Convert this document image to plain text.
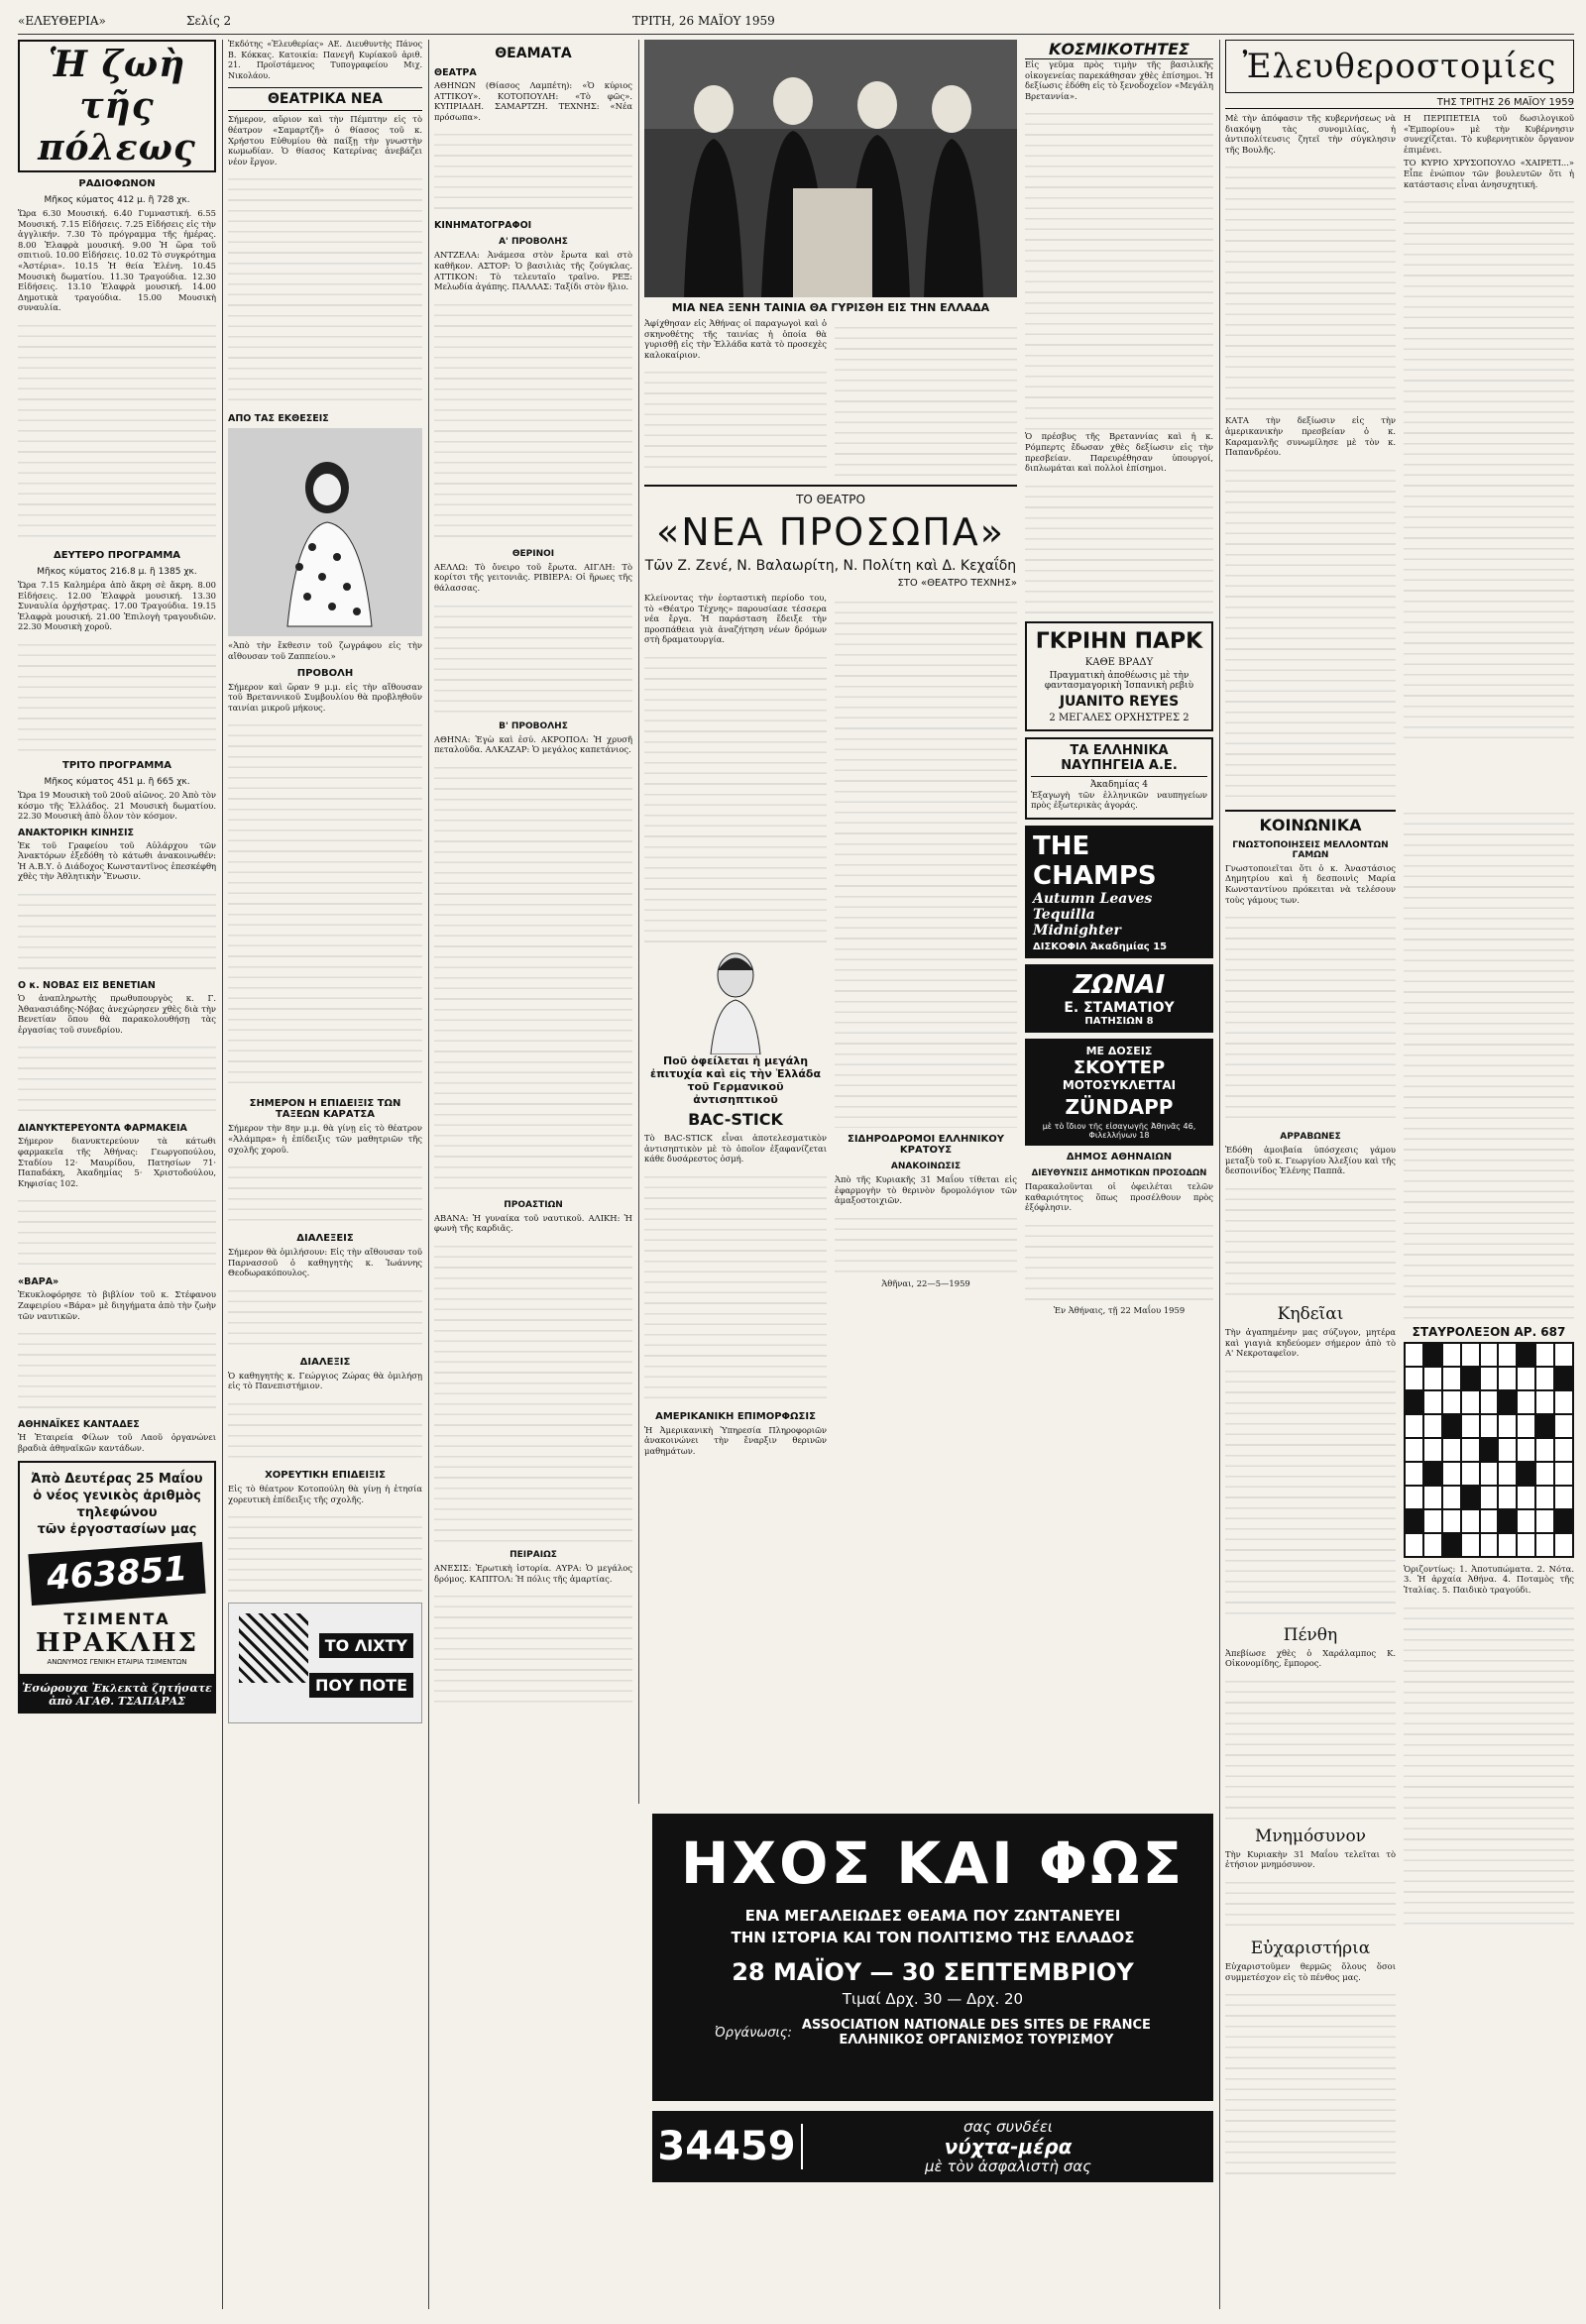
«ΕΛΕΥΘΕΡΙΑ»	Σελίς 2	ΤΡΙΤΗ, 26 ΜΑΪΟΥ 1959
Ἡ ζωὴ τῆς πόλεως
ΡΑΔΙΟΦΩΝΟΝ
Μῆκος κύματος 412 μ. ἢ 728 χκ.

Ὥρα 6.30 Μουσική. 6.40 Γυμναστική. 6.55 Μουσική. 7.15 Εἰδήσεις. 7.25 Εἰδήσεις εἰς τὴν ἀγγλικήν. 7.30 Τὸ πρόγραμμα τῆς ἡμέρας. 8.00 Ἐλαφρὰ μουσική. 9.00 Ἡ ὥρα τοῦ σπιτιοῦ. 10.00 Εἰδήσεις. 10.02 Τὸ συγκρότημα «Ἀστέρια». 10.15 Ἡ θεία Ἐλένη. 10.45 Μουσικὴ δωματίου. 11.30 Τραγούδια. 12.30 Εἰδήσεις. 13.10 Ἐλαφρὰ μουσική. 14.00 Δημοτικὰ τραγούδια. 15.00 Μουσικὴ συναυλία.

ΔΕΥΤΕΡΟ ΠΡΟΓΡΑΜΜΑ
Μῆκος κύματος 216.8 μ. ἢ 1385 χκ.

Ὥρα 7.15 Καλημέρα ἀπὸ ἄκρη σὲ ἄκρη. 8.00 Εἰδήσεις. 12.00 Ἐλαφρὰ μουσική. 13.30 Συναυλία ὀρχήστρας. 17.00 Τραγούδια. 19.15 Ἐλαφρὰ μουσική. 21.00 Ἐπιλογὴ τραγουδιῶν. 22.30 Μουσικὴ χοροῦ.

ΤΡΙΤΟ ΠΡΟΓΡΑΜΜΑ
Μῆκος κύματος 451 μ. ἢ 665 χκ.

Ὥρα 19 Μουσικὴ τοῦ 20οῦ αἰῶνος. 20 Ἀπὸ τὸν κόσμο τῆς Ἑλλάδος. 21 Μουσικὴ δωματίου. 22.30 Μουσικὴ ἀπὸ ὅλον τὸν κόσμον.

ΑΝΑΚΤΟΡΙΚΗ ΚΙΝΗΣΙΣ

Ἐκ τοῦ Γραφείου τοῦ Αὐλάρχου τῶν Ἀνακτόρων ἐξεδόθη τὸ κάτωθι ἀνακοινωθέν: Ἡ Α.Β.Υ. ὁ Διάδοχος Κωνσταντῖνος ἐπεσκέφθη χθὲς τὴν Ἀθλητικὴν Ἕνωσιν.

Ο κ. ΝΟΒΑΣ ΕΙΣ ΒΕΝΕΤΙΑΝ

Ὁ ἀναπληρωτὴς πρωθυπουργὸς κ. Γ. Ἀθανασιάδης-Νόβας ἀνεχώρησεν χθὲς διὰ τὴν Βενετίαν ὅπου θὰ παρακολουθήσῃ τὰς ἐργασίας τοῦ συνεδρίου.

ΔΙΑΝΥΚΤΕΡΕΥΟΝΤΑ ΦΑΡΜΑΚΕΙΑ

Σήμερον διανυκτερεύουν τὰ κάτωθι φαρμακεῖα τῆς Ἀθήνας: Γεωργοπούλου, Σταδίου 12· Μαυρίδου, Πατησίων 71· Παπαδάκη, Ἀκαδημίας 5· Χριστοδούλου, Κηφισίας 102.

«ΒΑΡΑ»

Ἐκυκλοφόρησε τὸ βιβλίον τοῦ κ. Στέφανου Ζαφειρίου «Βάρα» μὲ διηγήματα ἀπὸ τὴν ζωὴν τῶν ναυτικῶν.

ΑΘΗΝΑΪΚΕΣ ΚΑΝΤΑΔΕΣ

Ἡ Ἑταιρεία Φίλων τοῦ Λαοῦ ὀργανώνει βραδιὰ ἀθηναϊκῶν καντάδων.

Ἀπὸ Δευτέρας 25 Μαΐου
ὁ νέος γενικὸς ἀριθμὸς
τηλεφώνου
τῶν ἐργοστασίων μας
463851
ΤΣΙΜΕΝΤΑ
ΗΡΑΚΛΗΣ
ΑΝΩΝΥΜΟΣ ΓΕΝΙΚΗ ΕΤΑΙΡΙΑ ΤΣΙΜΕΝΤΩΝ
Ἐσώρουχα Ἐκλεκτὰ ζητήσατε ἀπὸ ΑΓΑΘ. ΤΣΑΠΑΡΑΣ

Ἐκδότης «Ἐλευθερίας» ΑΕ. Διευθυντὴς Πάνος Β. Κόκκας. Κατοικία: Πανεγῆ Κυρίακοῦ ἀριθ. 21. Προϊστάμενος Τυπογραφείου Μιχ. Νικολάου.

ΘΕΑΤΡΙΚΑ ΝΕΑ

Σήμερον, αὔριον καὶ τὴν Πέμπτην εἰς τὸ θέατρον «Σαμαρτζῆ» ὁ θίασος τοῦ κ. Χρήστου Εὐθυμίου θὰ παίξῃ τὴν γνωστὴν κωμωδίαν. Ὁ θίασος Κατερίνας ἀνεβάζει νέον ἔργον.

ΑΠΟ ΤΑΣ ΕΚΘΕΣΕΙΣ

«Ἀπὸ τὴν ἔκθεσιν τοῦ ζωγράφου εἰς τὴν αἴθουσαν τοῦ Ζαππείου.»

ΠΡΟΒΟΛΗ

Σήμερον καὶ ὥραν 9 μ.μ. εἰς τὴν αἴθουσαν τοῦ Βρεταννικοῦ Συμβουλίου θὰ προβληθοῦν ταινίαι μικροῦ μήκους.

ΣΗΜΕΡΟΝ Η ΕΠΙΔΕΙΞΙΣ ΤΩΝ ΤΑΞΕΩΝ ΚΑΡΑΤΣΑ

Σήμερον τὴν 8ην μ.μ. θὰ γίνῃ εἰς τὸ θέατρον «Ἀλάμπρα» ἡ ἐπίδειξις τῶν μαθητριῶν τῆς σχολῆς χοροῦ.

ΔΙΑΛΕΞΕΙΣ

Σήμερον θὰ ὁμιλήσουν: Εἰς τὴν αἴθουσαν τοῦ Παρνασσοῦ ὁ καθηγητὴς κ. Ἰωάννης Θεοδωρακόπουλος.

ΔΙΑΛΕΞΙΣ

Ὁ καθηγητὴς κ. Γεώργιος Ζώρας θὰ ὁμιλήσῃ εἰς τὸ Πανεπιστήμιον.

ΧΟΡΕΥΤΙΚΗ ΕΠΙΔΕΙΞΙΣ

Εἰς τὸ θέατρον Κοτοπούλη θὰ γίνῃ ἡ ἐτησία χορευτικὴ ἐπίδειξις τῆς σχολῆς.

ΤΟ ΛΙΧΤΥ
ΠΟΥ ΠΟΤΕ
ΘΕΑΜΑΤΑ
ΘΕΑΤΡΑ

ΑΘΗΝΩΝ (Θίασος Λαμπέτη): «Ὁ κύριος ΑΤΤΙΚΟΥ». ΚΟΤΟΠΟΥΛΗ: «Τὸ φῶς». ΚΥΠΡΙΑΔΗ. ΣΑΜΑΡΤΖΗ. ΤΕΧΝΗΣ: «Νέα πρόσωπα».

ΚΙΝΗΜΑΤΟΓΡΑΦΟΙ
Α' ΠΡΟΒΟΛΗΣ

ΑΝΤΖΕΛΑ: Ἀνάμεσα στὸν ἔρωτα καὶ στὸ καθῆκον. ΑΣΤΟΡ: Ὁ βασιλιὰς τῆς ζούγκλας. ΑΤΤΙΚΟΝ: Τὸ τελευταῖο τραῖνο. ΡΕΞ: Μελωδία ἀγάπης. ΠΑΛΛΑΣ: Ταξίδι στὸν ἥλιο.

ΘΕΡΙΝΟΙ

ΑΕΛΛΩ: Τὸ ὄνειρο τοῦ ἔρωτα. ΑΙΓΛΗ: Τὸ κορίτσι τῆς γειτονιᾶς. ΡΙΒΙΕΡΑ: Οἱ ἥρωες τῆς θάλασσας.

Β' ΠΡΟΒΟΛΗΣ

ΑΘΗΝΑ: Ἐγὼ καὶ ἐσύ. ΑΚΡΟΠΟΛ: Ἡ χρυσῆ πεταλοῦδα. ΑΛΚΑΖΑΡ: Ὁ μεγάλος καπετάνιος.

ΠΡΟΑΣΤΙΩΝ

ΑΒΑΝΑ: Ἡ γυναίκα τοῦ ναυτικοῦ. ΑΛΙΚΗ: Ἡ φωνὴ τῆς καρδιᾶς.

ΠΕΙΡΑΙΩΣ

ΑΝΕΣΙΣ: Ἐρωτικὴ ἱστορία. ΑΥΡΑ: Ὁ μεγάλος δρόμος. ΚΑΠΙΤΟΛ: Ἡ πόλις τῆς ἁμαρτίας.

ΜΙΑ ΝΕΑ ΞΕΝΗ ΤΑΙΝΙΑ ΘΑ ΓΥΡΙΣΘΗ ΕΙΣ ΤΗΝ ΕΛΛΑΔΑ

Ἀφίχθησαν εἰς Ἀθήνας οἱ παραγωγοὶ καὶ ὁ σκηνοθέτης τῆς ταινίας ἡ ὁποία θὰ γυρισθῇ εἰς τὴν Ἑλλάδα κατὰ τὸ προσεχὲς καλοκαίριον.

ΤΟ ΘΕΑΤΡΟ
«ΝΕΑ ΠΡΟΣΩΠΑ»
Τῶν Ζ. Ζενέ, Ν. Βαλαωρίτη, Ν. Πολίτη καὶ Δ. Κεχαΐδη
ΣΤΟ «ΘΕΑΤΡΟ ΤΕΧΝΗΣ»

Κλείνοντας τὴν ἐορταστικὴ περίοδο του, τὸ «Θέατρο Τέχνης» παρουσίασε τέσσερα νέα ἔργα. Ἡ παράσταση ἔδειξε τὴν προσπάθεια γιὰ ἀναζήτηση νέων δρόμων στὴ δραματουργία.

Ποῦ ὀφείλεται ἡ μεγάλη ἐπιτυχία καὶ εἰς τὴν Ἑλλάδα τοῦ Γερμανικοῦ ἀντισηπτικοῦ
BAC-STICK

Τὸ BAC-STICK εἶναι ἀποτελεσματικὸν ἀντισηπτικὸν μὲ τὸ ὁποῖον ἐξαφανίζεται κάθε δυσάρεστος ὀσμή.

ΑΜΕΡΙΚΑΝΙΚΗ ΕΠΙΜΟΡΦΩΣΙΣ

Ἡ Ἀμερικανικὴ Ὑπηρεσία Πληροφοριῶν ἀνακοινώνει τὴν ἔναρξιν θερινῶν μαθημάτων.

ΣΙΔΗΡΟΔΡΟΜΟΙ ΕΛΛΗΝΙΚΟΥ ΚΡΑΤΟΥΣ
ΑΝΑΚΟΙΝΩΣΙΣ

Ἀπὸ τῆς Κυριακῆς 31 Μαΐου τίθεται εἰς ἐφαρμογὴν τὸ θερινὸν δρομολόγιον τῶν ἀμαξοστοιχιῶν.

Ἀθῆναι, 22—5—1959

ΚΟΣΜΙΚΟΤΗΤΕΣ

Εἰς γεῦμα πρὸς τιμὴν τῆς βασιλικῆς οἰκογενείας παρεκάθησαν χθὲς ἐπίσημοι. Ἡ δεξίωσις ἐδόθη εἰς τὸ ξενοδοχεῖον «Μεγάλη Βρεταννία».

Ὁ πρέσβυς τῆς Βρεταννίας καὶ ἡ κ. Ρόμπερτς ἔδωσαν χθὲς δεξίωσιν εἰς τὴν πρεσβείαν. Παρευρέθησαν ὑπουργοί, διπλωμάται καὶ πολλοὶ ἐπίσημοι.

ΓΚΡΙΗΝ ΠΑΡΚ
ΚΑΘΕ ΒΡΑΔΥ
Πραγματικὴ ἀποθέωσις μὲ τὴν φαντασμαγορικὴ Ἱσπανικὴ ρεβιὺ
JUANITO REYES
2 ΜΕΓΑΛΕΣ ΟΡΧΗΣΤΡΕΣ 2
ΤΑ ΕΛΛΗΝΙΚΑ ΝΑΥΠΗΓΕΙΑ Α.Ε.
Ἀκαδημίας 4

Ἐξαγωγὴ τῶν ἑλληνικῶν ναυπηγείων πρὸς ἐξωτερικὰς ἀγοράς.

THE CHAMPS
Autumn Leaves
Tequilla
Midnighter
ΔΙΣΚΟΦΙΛ Ἀκαδημίας 15
ΖΩΝΑΙ
Ε. ΣΤΑΜΑΤΙΟΥ
ΠΑΤΗΣΙΩΝ 8
ΜΕ ΔΟΣΕΙΣ
ΣΚΟΥΤΕΡ
ΜΟΤΟΣΥΚΛΕΤΤΑΙ
ZÜNDAPP
μὲ τὸ ἴδιον τῆς εἰσαγωγῆς Ἀθηνᾶς 46, Φιλελλήνων 18
ΔΗΜΟΣ ΑΘΗΝΑΙΩΝ
ΔΙΕΥΘΥΝΣΙΣ ΔΗΜΟΤΙΚΩΝ ΠΡΟΣΟΔΩΝ

Παρακαλοῦνται οἱ ὀφειλέται τελῶν καθαριότητος ὅπως προσέλθουν πρὸς ἐξόφλησιν.

Ἐν Ἀθήναις, τῇ 22 Μαΐου 1959

Ἐλευθεροστομίες
ΤΗΣ ΤΡΙΤΗΣ 26 ΜΑΪΟΥ 1959

Μὲ τὴν ἀπόφασιν τῆς κυβερνήσεως νὰ διακόψῃ τὰς συνομιλίας, ἡ ἀντιπολίτευσις ζητεῖ τὴν σύγκλησιν τῆς Βουλῆς.

ΚΑΤΑ τὴν δεξίωσιν εἰς τὴν ἀμερικανικὴν πρεσβείαν ὁ κ. Καραμανλῆς συνωμίλησε μὲ τὸν κ. Παπανδρέου.

Η ΠΕΡΙΠΕΤΕΙΑ τοῦ δωσιλογικοῦ «Ἐμπορίου» μὲ τὴν Κυβέρνησιν συνεχίζεται. Τὸ κυβερνητικὸν ὄργανον ἐπιμένει.

ΤΟ ΚΥΡΙΟ ΧΡΥΣΟΠΟΥΛΟ «ΧΑΙΡΕΤΙ...» Εἶπε ἐνώπιον τῶν βουλευτῶν ὅτι ἡ κατάστασις εἶναι ἀνησυχητική.

ΚΟΙΝΩΝΙΚΑ
ΓΝΩΣΤΟΠΟΙΗΣΕΙΣ ΜΕΛΛΟΝΤΩΝ ΓΑΜΩΝ

Γνωστοποιεῖται ὅτι ὁ κ. Ἀναστάσιος Δημητρίου καὶ ἡ δεσποινὶς Μαρία Κωνσταντίνου πρόκειται νὰ τελέσουν τοὺς γάμους των.

ΑΡΡΑΒΩΝΕΣ

Ἐδόθη ἀμοιβαία ὑπόσχεσις γάμου μεταξὺ τοῦ κ. Γεωργίου Ἀλεξίου καὶ τῆς δεσποινίδος Ἑλένης Παππᾶ.

Κηδεῖαι

Τὴν ἀγαπημένην μας σύζυγον, μητέρα καὶ γιαγιὰ κηδεύομεν σήμερον ἀπὸ τὸ Α' Νεκροταφεῖον.

Πένθη

Ἀπεβίωσε χθὲς ὁ Χαράλαμπος Κ. Οἰκονομίδης, ἔμπορος.

Μνημόσυνον

Τὴν Κυριακὴν 31 Μαΐου τελεῖται τὸ ἐτήσιον μνημόσυνον.

Εὐχαριστήρια

Εὐχαριστοῦμεν θερμῶς ὅλους ὅσοι συμμετέσχον εἰς τὸ πένθος μας.

ΣΤΑΥΡΟΛΕΞΟΝ ΑΡ. 687

Ὁριζοντίως: 1. Ἀποτυπώματα. 2. Νότα. 3. Ἡ ἀρχαία Ἀθήνα. 4. Ποταμὸς τῆς Ἰταλίας. 5. Παιδικὸ τραγούδι.

ΗΧΟΣ ΚΑΙ ΦΩΣ
ΕΝΑ ΜΕΓΑΛΕΙΩΔΕΣ ΘΕΑΜΑ ΠΟΥ ΖΩΝΤΑΝΕΥΕΙ
ΤΗΝ ΙΣΤΟΡΙΑ ΚΑΙ ΤΟΝ ΠΟΛΙΤΙΣΜΟ ΤΗΣ ΕΛΛΑΔΟΣ
28 ΜΑΪΟΥ — 30 ΣΕΠΤΕΜΒΡΙΟΥ
Τιμαί Δρχ. 30 — Δρχ. 20
Ὀργάνωσις: ASSOCIATION NATIONALE DES SITES DE FRANCE
ΕΛΛΗΝΙΚΟΣ ΟΡΓΑΝΙΣΜΟΣ ΤΟΥΡΙΣΜΟΥ
34459	σας συνδέει
νύχτα-μέρα
μὲ τὸν ἀσφαλιστὴ σας
